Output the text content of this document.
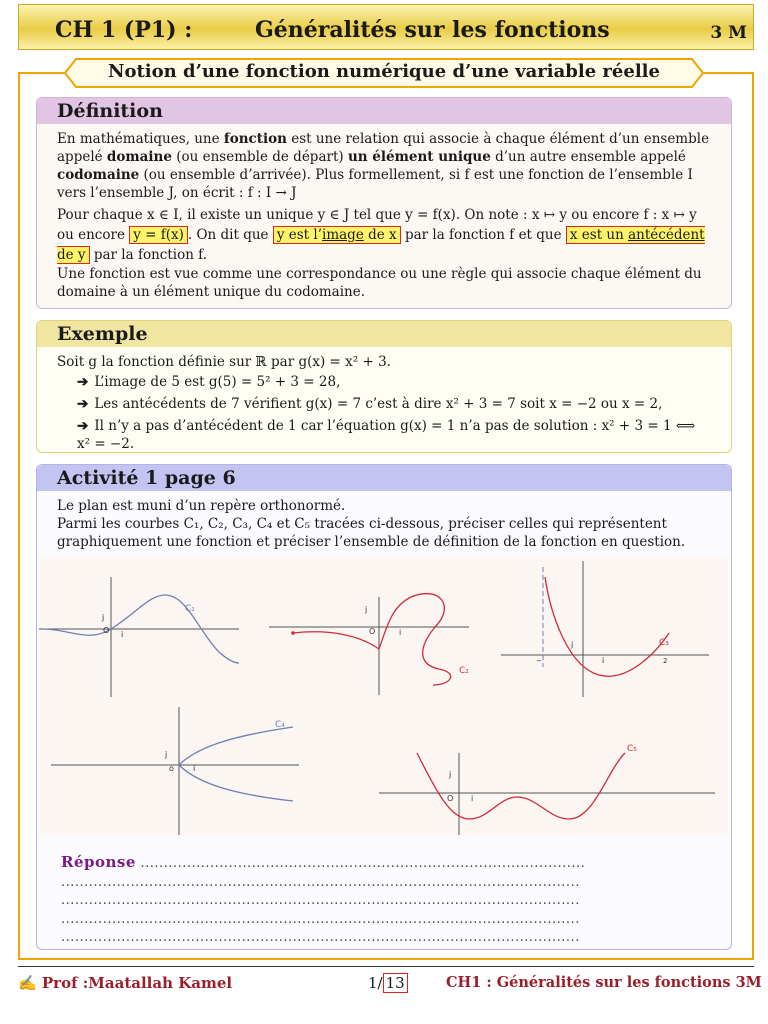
CH 1 (P1) :	Généralités sur les fonctions	3 M
Notion d’une fonction numérique d’une variable réelle
Définition
En mathématiques, une fonction est une relation qui associe à chaque élément d’un ensemble appelé domaine (ou ensemble de départ) un élément unique d’un autre ensemble appelé codomaine (ou ensemble d’arrivée). Plus formellement, si f est une fonction de l’ensemble I vers l’ensemble J, on écrit : f : I → J
Pour chaque x ∈ I, il existe un unique y ∈ J tel que y = f(x). On note : x ↦ y ou encore f : x ↦ y ou encore y = f(x) . On dit que y est l’image de x par la fonction f et que x est un antécédent de y par la fonction f.
Une fonction est vue comme une correspondance ou une règle qui associe chaque élément du domaine à un élément unique du codomaine.
Exemple
Soit g la fonction définie sur ℝ par g(x) = x² + 3.
➔ L’image de 5 est g(5) = 5² + 3 = 28,
➔ Les antécédents de 7 vérifient g(x) = 7 c’est à dire x² + 3 = 7 soit x = −2 ou x = 2,
➔ Il n’y a pas d’antécédent de 1 car l’équation g(x) = 1 n’a pas de solution : x² + 3 = 1 ⟺ x² = −2.
Activité 1 page 6
Le plan est muni d’un repère orthonormé.
Parmi les courbes C₁, C₂, C₃, C₄ et C₅ tracées ci-dessous, préciser celles qui représentent graphiquement une fonction et préciser l’ensemble de définition de la fonction en question.
C₁
j
O i
C₂
j
O	i
C₃
j
i
−	2
C₄
j
o i
C₅
j
O i
Réponse ................................................................................................
................................................................................................................
................................................................................................................
................................................................................................................
................................................................................................................
✍ Prof :Maatallah Kamel	1/ 13	CH1 : Généralités sur les fonctions 3M
